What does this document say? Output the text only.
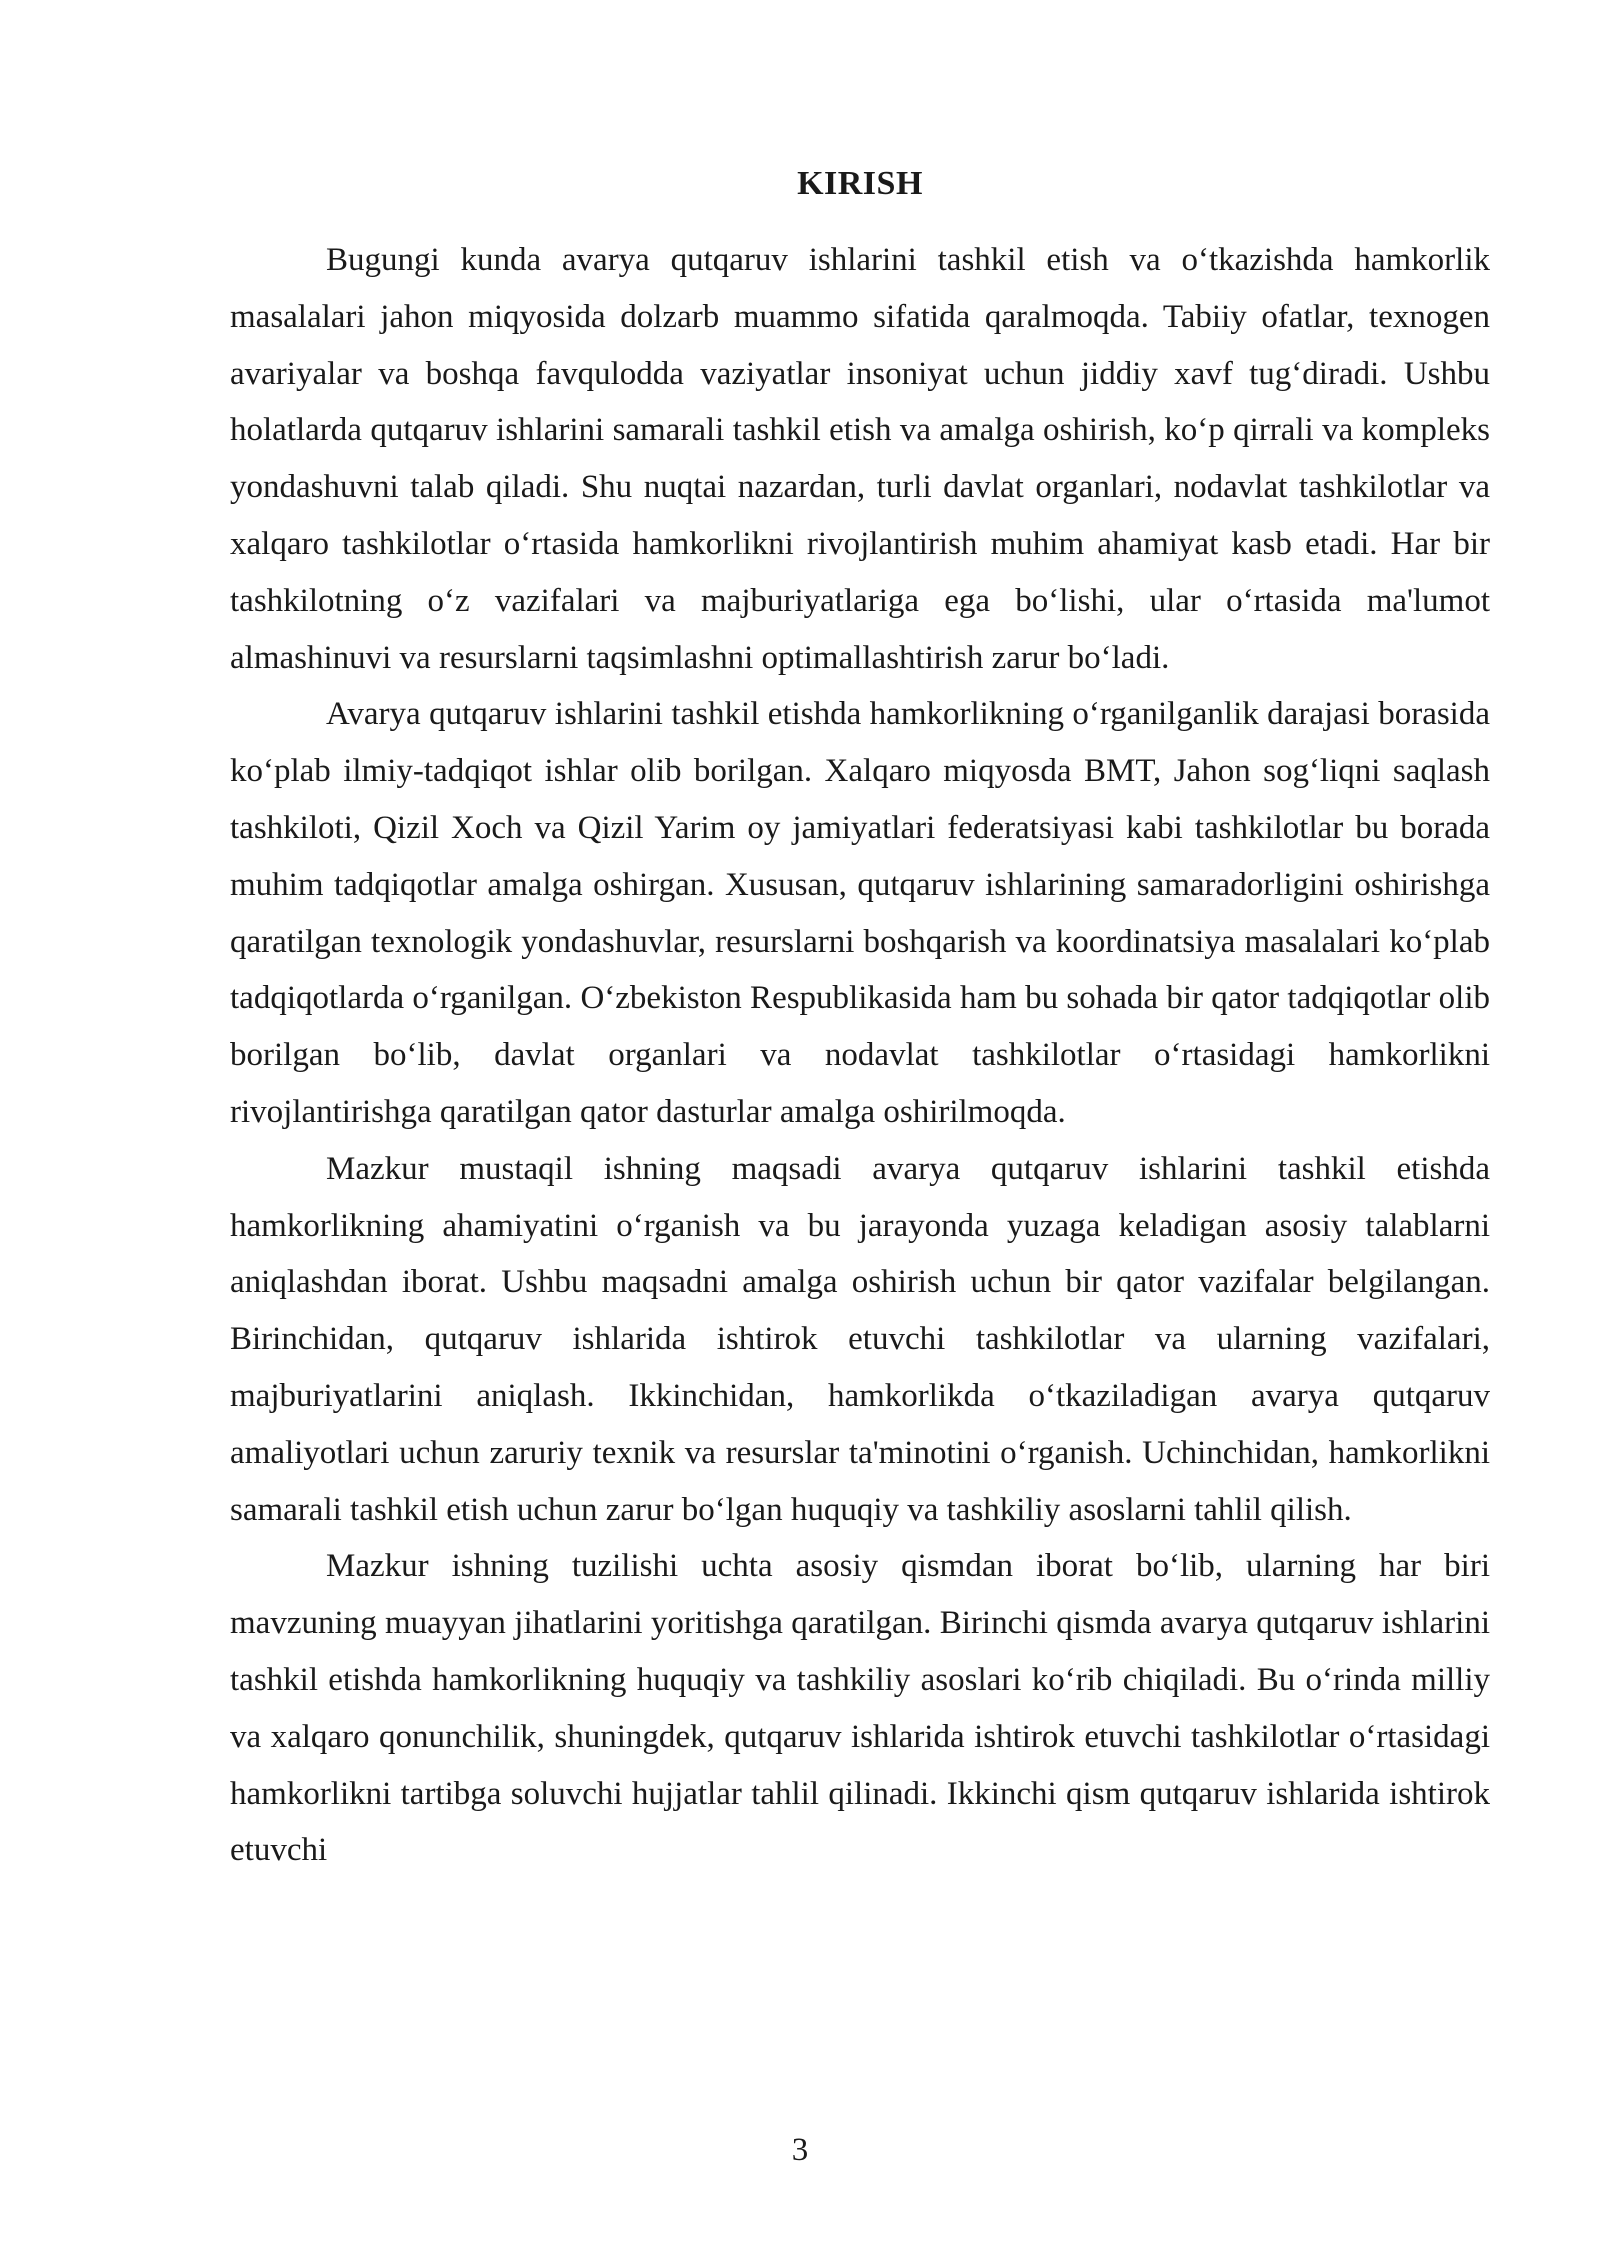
KIRISH

Bugungi kunda avarya qutqaruv ishlarini tashkil etish va o‘tkazishda hamkorlik masalalari jahon miqyosida dolzarb muammo sifatida qaralmoqda. Tabiiy ofatlar, texnogen avariyalar va boshqa favqulodda vaziyatlar insoniyat uchun jiddiy xavf tug‘diradi. Ushbu holatlarda qutqaruv ishlarini samarali tashkil etish va amalga oshirish, ko‘p qirrali va kompleks yondashuvni talab qiladi. Shu nuqtai nazardan, turli davlat organlari, nodavlat tashkilotlar va xalqaro tashkilotlar o‘rtasida hamkorlikni rivojlantirish muhim ahamiyat kasb etadi. Har bir tashkilotning o‘z vazifalari va majburiyatlariga ega bo‘lishi, ular o‘rtasida ma'lumot almashinuvi va resurslarni taqsimlashni optimallashtirish zarur bo‘ladi.

Avarya qutqaruv ishlarini tashkil etishda hamkorlikning o‘rganilganlik darajasi borasida ko‘plab ilmiy-tadqiqot ishlar olib borilgan. Xalqaro miqyosda BMT, Jahon sog‘liqni saqlash tashkiloti, Qizil Xoch va Qizil Yarim oy jamiyatlari federatsiyasi kabi tashkilotlar bu borada muhim tadqiqotlar amalga oshirgan. Xususan, qutqaruv ishlarining samaradorligini oshirishga qaratilgan texnologik yondashuvlar, resurslarni boshqarish va koordinatsiya masalalari ko‘plab tadqiqotlarda o‘rganilgan. O‘zbekiston Respublikasida ham bu sohada bir qator tadqiqotlar olib borilgan bo‘lib, davlat organlari va nodavlat tashkilotlar o‘rtasidagi hamkorlikni rivojlantirishga qaratilgan qator dasturlar amalga oshirilmoqda.

Mazkur mustaqil ishning maqsadi avarya qutqaruv ishlarini tashkil etishda hamkorlikning ahamiyatini o‘rganish va bu jarayonda yuzaga keladigan asosiy talablarni aniqlashdan iborat. Ushbu maqsadni amalga oshirish uchun bir qator vazifalar belgilangan. Birinchidan, qutqaruv ishlarida ishtirok etuvchi tashkilotlar va ularning vazifalari, majburiyatlarini aniqlash. Ikkinchidan, hamkorlikda o‘tkaziladigan avarya qutqaruv amaliyotlari uchun zaruriy texnik va resurslar ta'minotini o‘rganish. Uchinchidan, hamkorlikni samarali tashkil etish uchun zarur bo‘lgan huquqiy va tashkiliy asoslarni tahlil qilish.

Mazkur ishning tuzilishi uchta asosiy qismdan iborat bo‘lib, ularning har biri mavzuning muayyan jihatlarini yoritishga qaratilgan. Birinchi qismda avarya qutqaruv ishlarini tashkil etishda hamkorlikning huquqiy va tashkiliy asoslari ko‘rib chiqiladi. Bu o‘rinda milliy va xalqaro qonunchilik, shuningdek, qutqaruv ishlarida ishtirok etuvchi tashkilotlar o‘rtasidagi hamkorlikni tartibga soluvchi hujjatlar tahlil qilinadi. Ikkinchi qism qutqaruv ishlarida ishtirok etuvchi

3
